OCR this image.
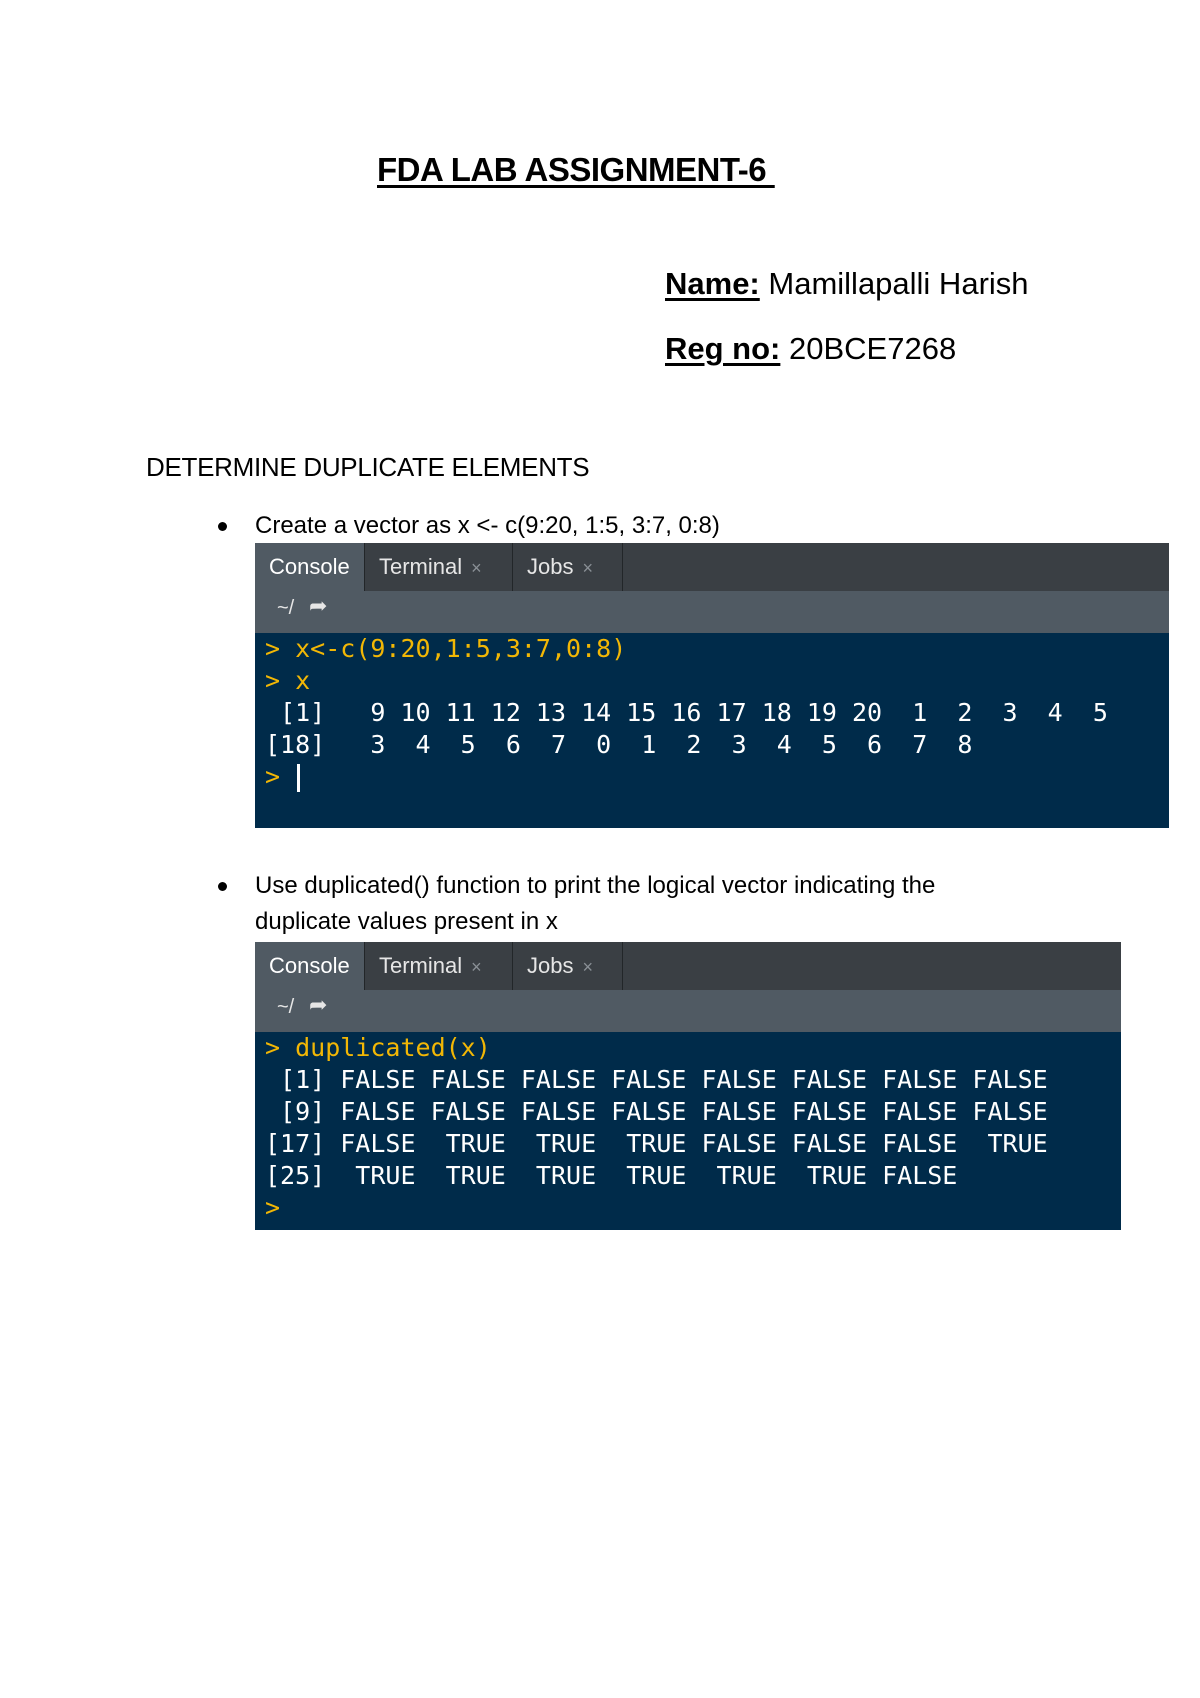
FDA LAB ASSIGNMENT-6
Name: Mamillapalli Harish
Reg no: 20BCE7268
DETERMINE DUPLICATE ELEMENTS
Create a vector as x <- c(9:20, 1:5, 3:7, 0:8)
Console	Terminal ×	Jobs ×
~/ ➦
> x<-c(9:20,1:5,3:7,0:8)
> x
[1]   9 10 11 12 13 14 15 16 17 18 19 20  1  2  3  4  5
[18]   3  4  5  6  7  0  1  2  3  4  5  6  7  8
>
Use duplicated() function to print the logical vector indicating the
duplicate values present in x
Console	Terminal ×	Jobs ×
~/ ➦
> duplicated(x)
[1] FALSE FALSE FALSE FALSE FALSE FALSE FALSE FALSE
[9] FALSE FALSE FALSE FALSE FALSE FALSE FALSE FALSE
[17] FALSE  TRUE  TRUE  TRUE FALSE FALSE FALSE  TRUE
[25]  TRUE  TRUE  TRUE  TRUE  TRUE  TRUE FALSE
>
